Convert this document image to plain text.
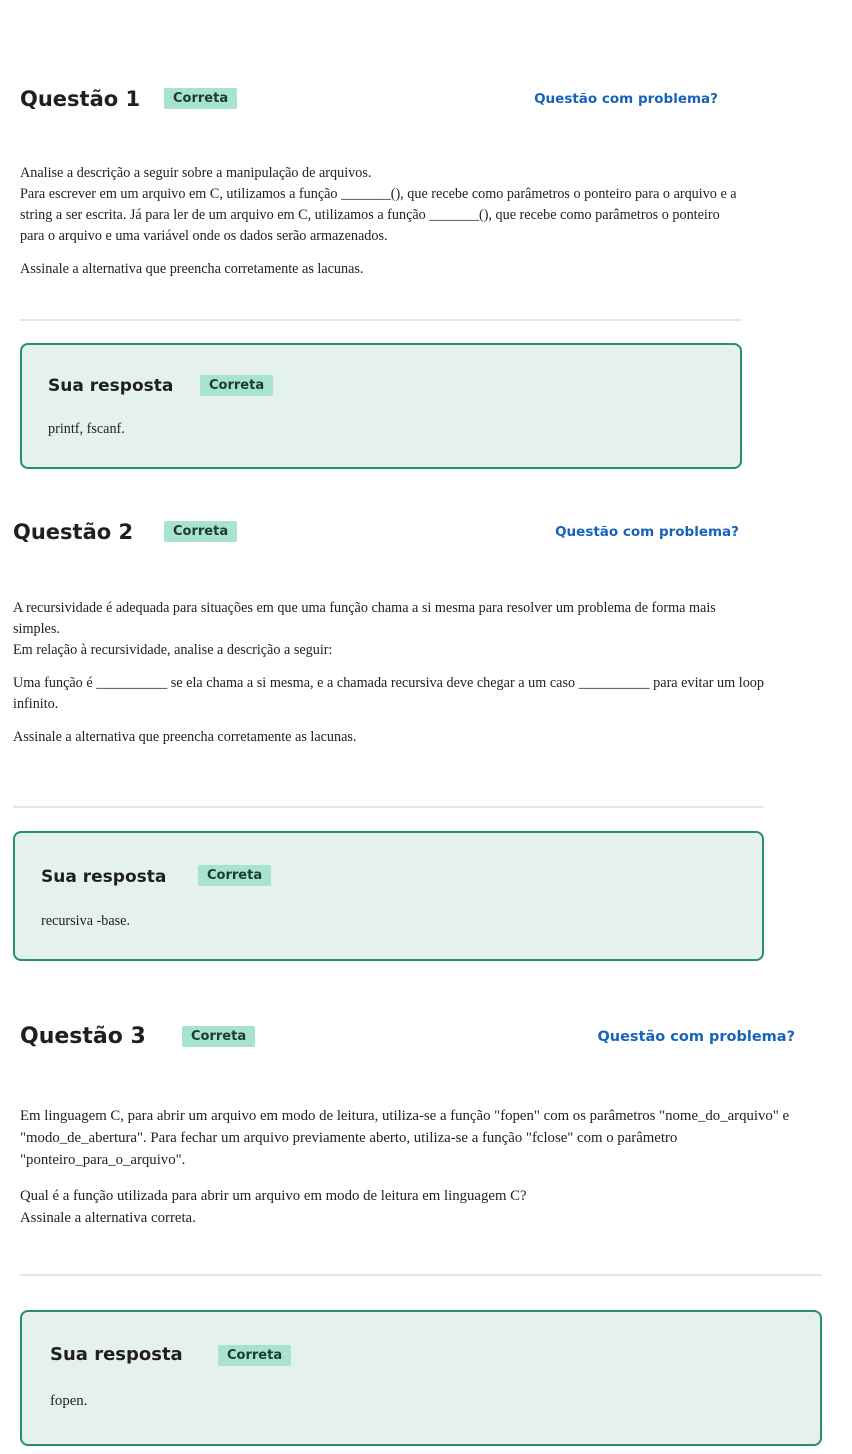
Questão 1	Correta	Questão com problema?

Analise a descrição a seguir sobre a manipulação de arquivos.
Para escrever em um arquivo em C, utilizamos a função _______(), que recebe como parâmetros o ponteiro para o arquivo e a string a ser escrita. Já para ler de um arquivo em C, utilizamos a função _______(), que recebe como parâmetros o ponteiro para o arquivo e uma variável onde os dados serão armazenados.

Assinale a alternativa que preencha corretamente as lacunas.

Sua resposta	Correta
printf, fscanf.
Questão 2	Correta	Questão com problema?

A recursividade é adequada para situações em que uma função chama a si mesma para resolver um problema de forma mais simples.
Em relação à recursividade, analise a descrição a seguir:

Uma função é __________ se ela chama a si mesma, e a chamada recursiva deve chegar a um caso __________ para evitar um loop infinito.

Assinale a alternativa que preencha corretamente as lacunas.

Sua resposta	Correta
recursiva -base.
Questão 3	Correta	Questão com problema?

Em linguagem C, para abrir um arquivo em modo de leitura, utiliza-se a função "fopen" com os parâmetros "nome_do_arquivo" e "modo_de_abertura". Para fechar um arquivo previamente aberto, utiliza-se a função "fclose" com o parâmetro "ponteiro_para_o_arquivo".

Qual é a função utilizada para abrir um arquivo em modo de leitura em linguagem C?
Assinale a alternativa correta.

Sua resposta	Correta
fopen.
